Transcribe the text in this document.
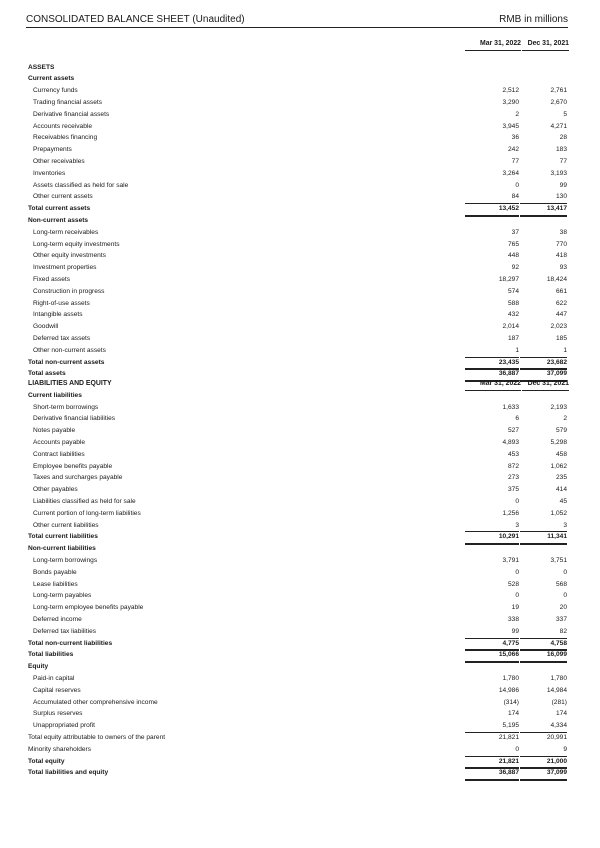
CONSOLIDATED BALANCE SHEET (Unaudited)	RMB in millions
Mar 31, 2022 Dec 31, 2021
ASSETS
Current assets
Currency funds	2,512	2,761
Trading financial assets	3,290	2,670
Derivative financial assets	2	5
Accounts receivable	3,945	4,271
Receivables financing	36	28
Prepayments	242	183
Other receivables	77	77
Inventories	3,264	3,193
Assets classified as held for sale	0	99
Other current assets	84	130
Total current assets	13,452	13,417
Non-current assets
Long-term receivables	37	38
Long-term equity investments	765	770
Other equity investments	448	418
Investment properties	92	93
Fixed assets	18,297	18,424
Construction in progress	574	661
Right-of-use assets	588	622
Intangible assets	432	447
Goodwill	2,014	2,023
Deferred tax assets	187	185
Other non-current assets	1	1
Total non-current assets	23,435	23,682
Total assets	36,887	37,099
LIABILITIES AND EQUITY	Mar 31, 2022 Dec 31, 2021
Current liabilities
Short-term borrowings	1,633	2,193
Derivative financial liabilities	6	2
Notes payable	527	579
Accounts payable	4,893	5,298
Contract liabilities	453	458
Employee benefits payable	872	1,062
Taxes and surcharges payable	273	235
Other payables	375	414
Liabilities classified as held for sale	0	45
Current portion of long-term liabilities	1,256	1,052
Other current liabilities	3	3
Total current liabilities	10,291	11,341
Non-current liabilities
Long-term borrowings	3,791	3,751
Bonds payable	0	0
Lease liabilities	528	568
Long-term payables	0	0
Long-term employee benefits payable	19	20
Deferred income	338	337
Deferred tax liabilities	99	82
Total non-current liabilities	4,775	4,758
Total liabilities	15,066	16,099
Equity
Paid-in capital	1,780	1,780
Capital reserves	14,986	14,984
Accumulated other comprehensive income	(314)	(281)
Surplus reserves	174	174
Unappropriated profit	5,195	4,334
Total equity attributable to owners of the parent	21,821	20,991
Minority shareholders	0	9
Total equity	21,821	21,000
Total liabilities and equity	36,887	37,099
